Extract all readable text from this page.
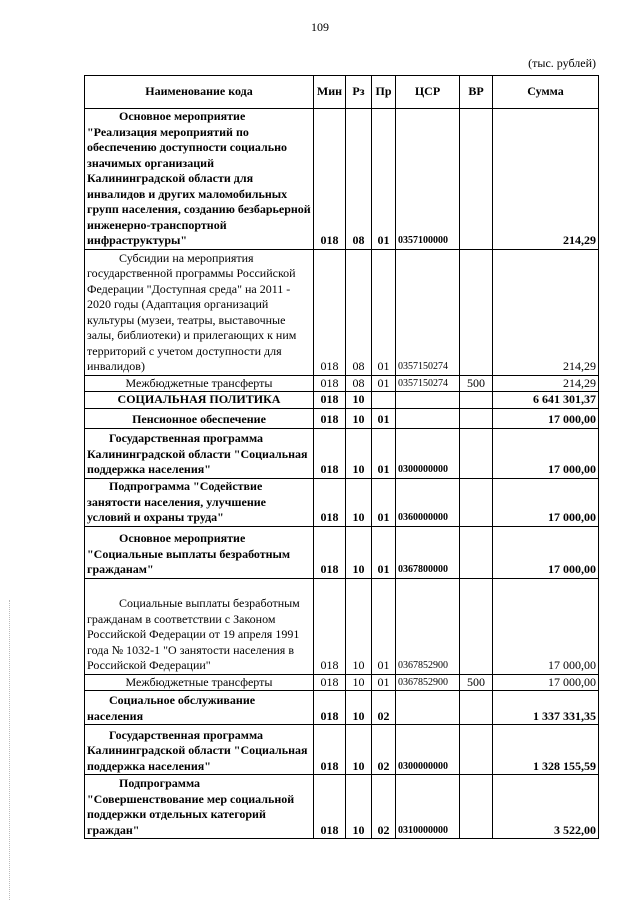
109
(тыс. рублей)
Наименование кода	Мин	Рз	Пр	ЦСР	ВР	Сумма

Основное мероприятие "Реализация мероприятий по обеспечению доступности социально значимых организаций Калининградской области для инвалидов и других маломобильных групп населения, созданию безбарьерной инженерно-транспортной инфраструктуры"	018	08	01	0357100000		214,29

Субсидии на мероприятия государственной программы Российской Федерации "Доступная среда" на 2011 - 2020 годы (Адаптация организаций культуры (музеи, театры, выставочные залы, библиотеки) и прилегающих к ним территорий с учетом доступности для инвалидов)	018	08	01	0357150274		214,29
Межбюджетные трансферты	018	08	01	0357150274	500	214,29
СОЦИАЛЬНАЯ ПОЛИТИКА	018	10				6 641 301,37
Пенсионное обеспечение	018	10	01			17 000,00

Государственная программа Калининградской области "Социальная поддержка населения"	018	10	01	0300000000		17 000,00

Подпрограмма "Содействие занятости населения, улучшение условий и охраны труда"	018	10	01	0360000000		17 000,00

Основное мероприятие "Социальные выплаты безработным гражданам"	018	10	01	0367800000		17 000,00

Социальные выплаты безработным гражданам в соответствии с Законом Российской Федерации от 19 апреля 1991 года № 1032-1 "О занятости населения в Российской Федерации"	018	10	01	0367852900		17 000,00
Межбюджетные трансферты	018	10	01	0367852900	500	17 000,00

Социальное обслуживание населения	018	10	02			1 337 331,35

Государственная программа Калининградской области "Социальная поддержка населения"	018	10	02	0300000000		1 328 155,59

Подпрограмма "Совершенствование мер социальной поддержки отдельных категорий граждан"	018	10	02	0310000000		3 522,00
